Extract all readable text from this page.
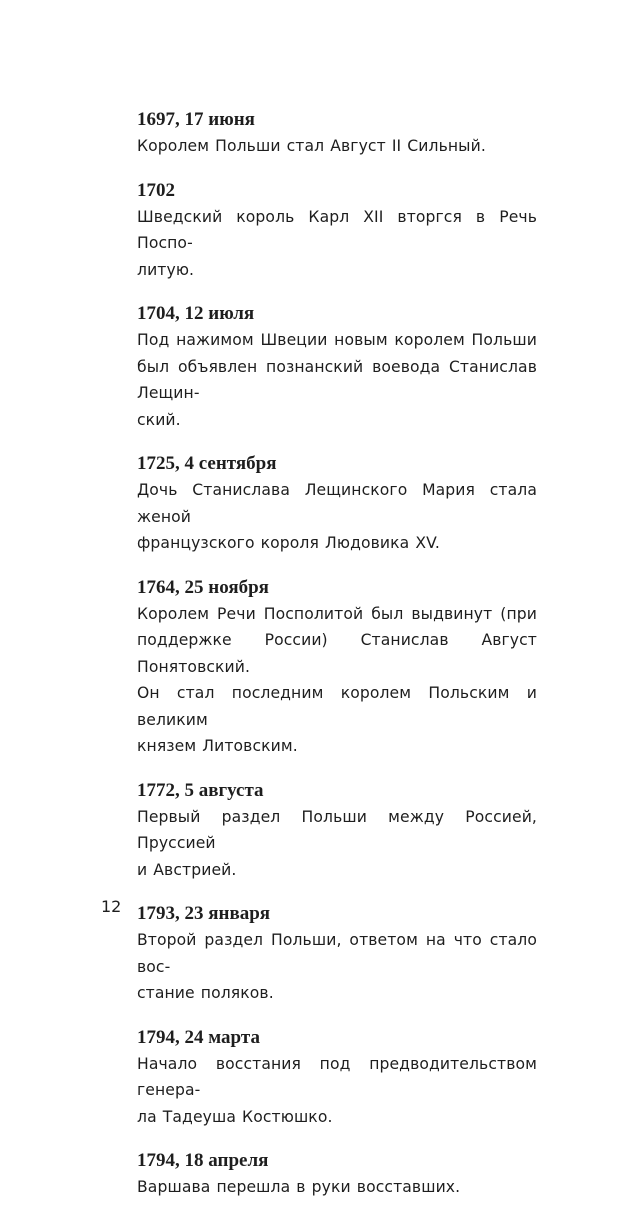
1697, 17 июня

Королем Польши стал Август II Сильный.

1702

Шведский король Карл XII вторгся в Речь Поспо-
литую.

1704, 12 июля

Под нажимом Швеции новым королем Польши
был объявлен познанский воевода Станислав Лещин-
ский.

1725, 4 сентября

Дочь Станислава Лещинского Мария стала женой
французского короля Людовика XV.

1764, 25 ноября

Королем Речи Посполитой был выдвинут (при
поддержке России) Станислав Август Понятовский.
Он стал последним королем Польским и великим
князем Литовским.

1772, 5 августа

Первый раздел Польши между Россией, Пруссией
и Австрией.

1793, 23 января

Второй раздел Польши, ответом на что стало вос-
стание поляков.

1794, 24 марта

Начало восстания под предводительством генера-
ла Тадеуша Костюшко.

1794, 18 апреля

Варшава перешла в руки восставших.

12
